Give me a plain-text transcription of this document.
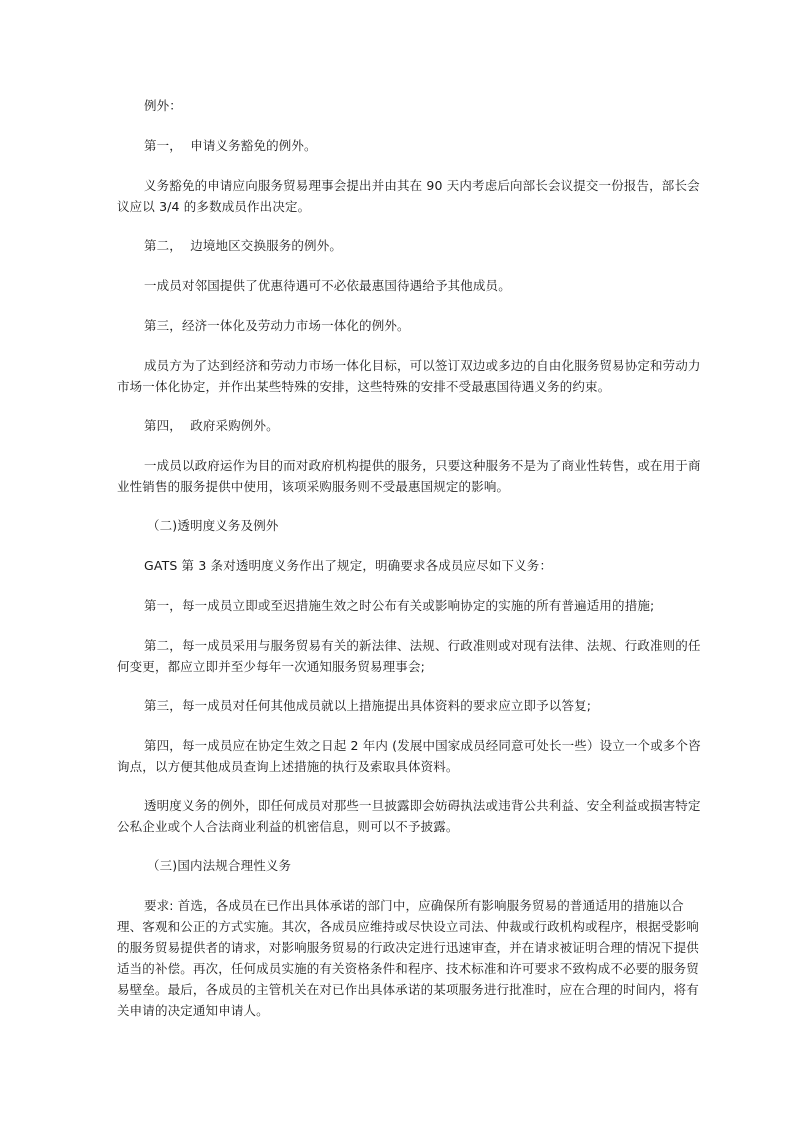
例外：

第一，  申请义务豁免的例外。

义务豁免的申请应向服务贸易理事会提出并由其在 90 天内考虑后向部长会议提交一份报告，部长会议应以 3/4 的多数成员作出决定。

第二，  边境地区交换服务的例外。

一成员对邻国提供了优惠待遇可不必依最惠国待遇给予其他成员。

第三，经济一体化及劳动力市场一体化的例外。

成员方为了达到经济和劳动力市场一体化目标，可以签订双边或多边的自由化服务贸易协定和劳动力市场一体化协定，并作出某些特殊的安排，这些特殊的安排不受最惠国待遇义务的约束。

第四，  政府采购例外。

一成员以政府运作为目的而对政府机构提供的服务，只要这种服务不是为了商业性转售，或在用于商业性销售的服务提供中使用，该项采购服务则不受最惠国规定的影响。

（二)透明度义务及例外

GATS 第 3 条对透明度义务作出了规定，明确要求各成员应尽如下义务：

第一，每一成员立即或至迟措施生效之时公布有关或影响协定的实施的所有普遍适用的措施;

第二，每一成员采用与服务贸易有关的新法律、法规、行政准则或对现有法律、法规、行政准则的任何变更，都应立即并至少每年一次通知服务贸易理事会;

第三，每一成员对任何其他成员就以上措施提出具体资料的要求应立即予以答复;

第四，每一成员应在协定生效之日起 2 年内 (发展中国家成员经同意可处长一些）设立一个或多个咨询点，以方便其他成员查询上述措施的执行及索取具体资料。

透明度义务的例外，即任何成员对那些一旦披露即会妨碍执法或违背公共利益、安全利益或损害特定公私企业或个人合法商业利益的机密信息，则可以不予披露。

（三)国内法规合理性义务

要求: 首选，各成员在已作出具体承诺的部门中，应确保所有影响服务贸易的普通适用的措施以合理、客观和公正的方式实施。其次，各成员应维持或尽快设立司法、仲裁或行政机构或程序，根据受影响的服务贸易提供者的请求，对影响服务贸易的行政决定进行迅速审查，并在请求被证明合理的情况下提供适当的补偿。再次，任何成员实施的有关资格条件和程序、技术标准和许可要求不致构成不必要的服务贸易壁垒。最后，各成员的主管机关在对已作出具体承诺的某项服务进行批准时，应在合理的时间内，将有关申请的决定通知申请人。
